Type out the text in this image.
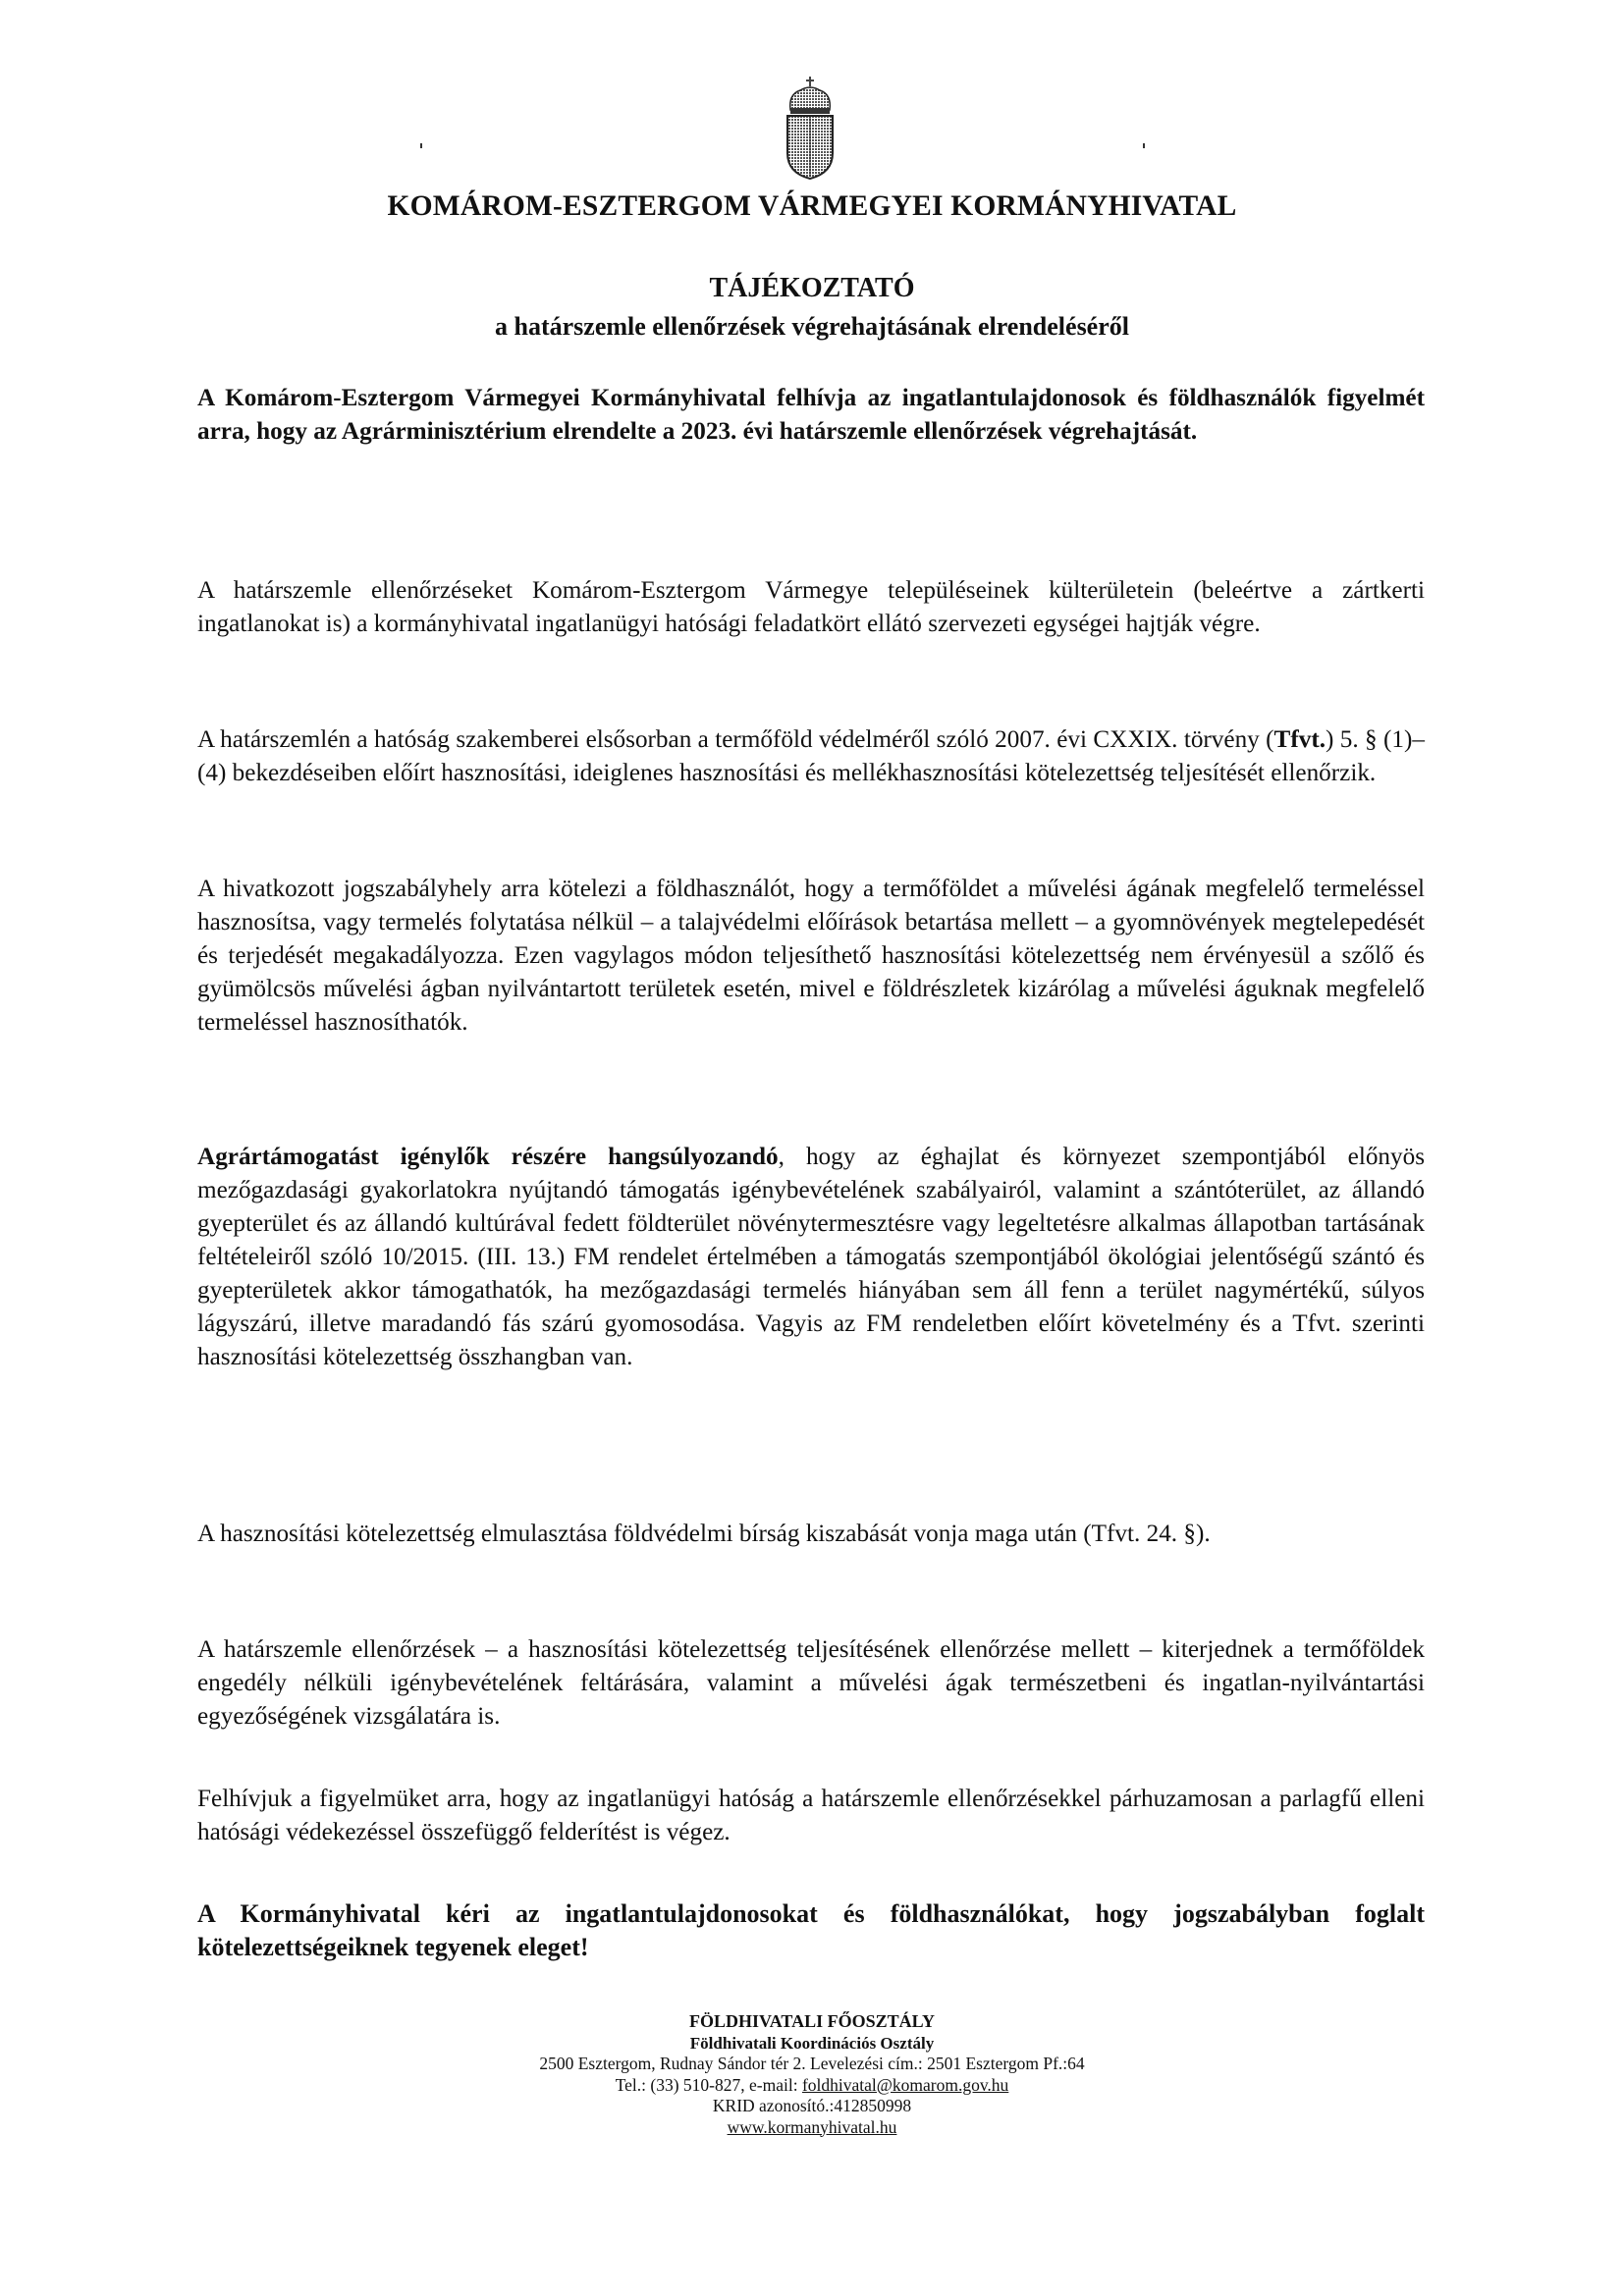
KOMÁROM-ESZTERGOM VÁRMEGYEI KORMÁNYHIVATAL
TÁJÉKOZTATÓ
a határszemle ellenőrzések végrehajtásának elrendeléséről

A Komárom-Esztergom Vármegyei Kormányhivatal felhívja az ingatlantulajdonosok és földhasználók figyelmét arra, hogy az Agrárminisztérium elrendelte a 2023. évi határszemle ellenőrzések végrehajtását.

A határszemle ellenőrzéseket Komárom-Esztergom Vármegye településeinek külterületein (beleértve a zártkerti ingatlanokat is) a kormányhivatal ingatlanügyi hatósági feladatkört ellátó szervezeti egységei hajtják végre.

A határszemlén a hatóság szakemberei elsősorban a termőföld védelméről szóló 2007. évi CXXIX. törvény (Tfvt.) 5. § (1)–(4) bekezdéseiben előírt hasznosítási, ideiglenes hasznosítási és mellékhasznosítási kötelezettség teljesítését ellenőrzik.

A hivatkozott jogszabályhely arra kötelezi a földhasználót, hogy a termőföldet a művelési ágának megfelelő termeléssel hasznosítsa, vagy termelés folytatása nélkül – a talajvédelmi előírások betartása mellett – a gyomnövények megtelepedését és terjedését megakadályozza. Ezen vagylagos módon teljesíthető hasznosítási kötelezettség nem érvényesül a szőlő és gyümölcsös művelési ágban nyilvántartott területek esetén, mivel e földrészletek kizárólag a művelési águknak megfelelő termeléssel hasznosíthatók.

Agrártámogatást igénylők részére hangsúlyozandó, hogy az éghajlat és környezet szempontjából előnyös mezőgazdasági gyakorlatokra nyújtandó támogatás igénybevételének szabályairól, valamint a szántóterület, az állandó gyepterület és az állandó kultúrával fedett földterület növénytermesztésre vagy legeltetésre alkalmas állapotban tartásának feltételeiről szóló 10/2015. (III. 13.) FM rendelet értelmében a támogatás szempontjából ökológiai jelentőségű szántó és gyepterületek akkor támogathatók, ha mezőgazdasági termelés hiányában sem áll fenn a terület nagymértékű, súlyos lágyszárú, illetve maradandó fás szárú gyomosodása. Vagyis az FM rendeletben előírt követelmény és a Tfvt. szerinti hasznosítási kötelezettség összhangban van.

A hasznosítási kötelezettség elmulasztása földvédelmi bírság kiszabását vonja maga után (Tfvt. 24. §).

A határszemle ellenőrzések – a hasznosítási kötelezettség teljesítésének ellenőrzése mellett – kiterjednek a termőföldek engedély nélküli igénybevételének feltárására, valamint a művelési ágak természetbeni és ingatlan-nyilvántartási egyezőségének vizsgálatára is.

Felhívjuk a figyelmüket arra, hogy az ingatlanügyi hatóság a határszemle ellenőrzésekkel párhuzamosan a parlagfű elleni hatósági védekezéssel összefüggő felderítést is végez.

A Kormányhivatal kéri az ingatlantulajdonosokat és földhasználókat, hogy jogszabályban foglalt kötelezettségeiknek tegyenek eleget!

FÖLDHIVATALI FŐOSZTÁLY
Földhivatali Koordinációs Osztály
2500 Esztergom, Rudnay Sándor tér 2. Levelezési cím.: 2501 Esztergom Pf.:64
Tel.: (33) 510-827, e-mail: foldhivatal@komarom.gov.hu
KRID azonosító.:412850998
www.kormanyhivatal.hu
